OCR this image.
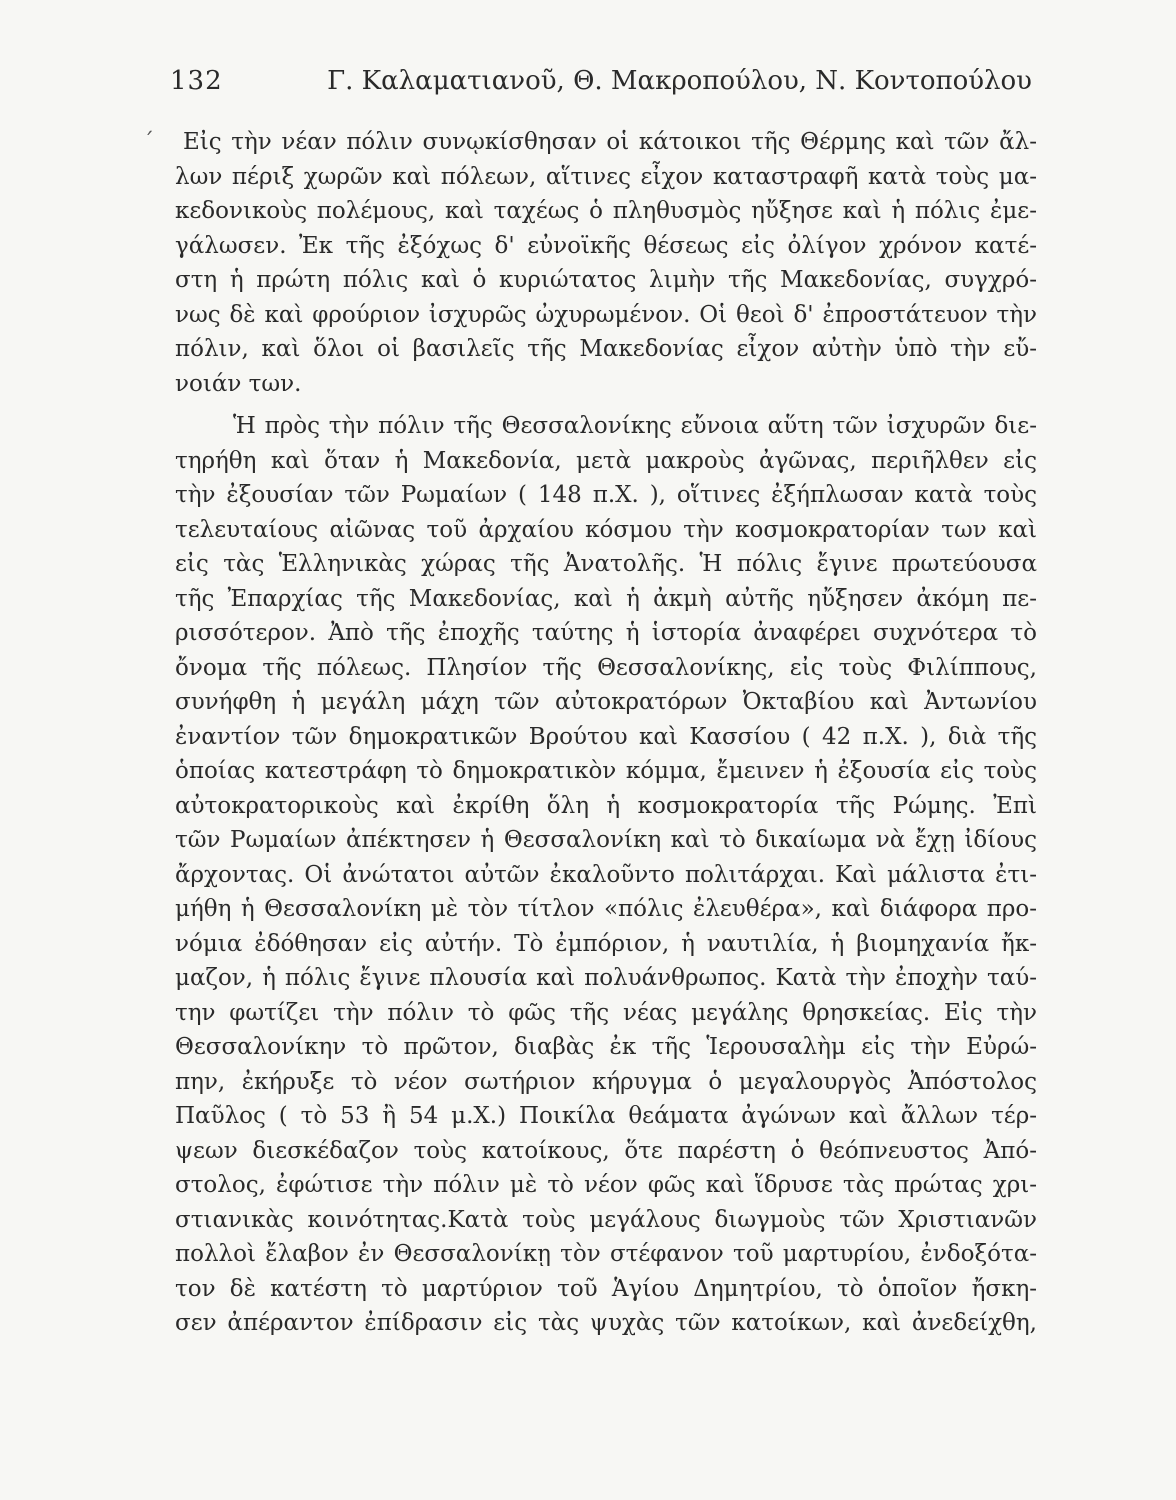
132	Γ. Καλαματιανοῦ, Θ. Μακροπούλου, Ν. Κοντοπούλου
´	Εἰς τὴν νέαν πόλιν συνῳκίσθησαν οἱ κάτοικοι τῆς Θέρμης καὶ τῶν ἄλ-
λων πέριξ χωρῶν καὶ πόλεων, αἵτινες εἶχον καταστραφῆ κατὰ τοὺς μα-
κεδονικοὺς πολέμους, καὶ ταχέως ὁ πληθυσμὸς ηὔξησε καὶ ἡ πόλις ἐμε-
γάλωσεν. Ἐκ τῆς ἐξόχως δ' εὐνοϊκῆς θέσεως εἰς ὀλίγον χρόνον κατέ-
στη ἡ πρώτη πόλις καὶ ὁ κυριώτατος λιμὴν τῆς Μακεδονίας, συγχρό-
νως δὲ καὶ φρούριον ἰσχυρῶς ὠχυρωμένον. Οἱ θεοὶ δ' ἐπροστάτευον τὴν
πόλιν, καὶ ὅλοι οἱ βασιλεῖς τῆς Μακεδονίας εἶχον αὐτὴν ὑπὸ τὴν εὔ-
νοιάν των.
Ἡ πρὸς τὴν πόλιν τῆς Θεσσαλονίκης εὔνοια αὕτη τῶν ἰσχυρῶν διε-
τηρήθη καὶ ὅταν ἡ Μακεδονία, μετὰ μακροὺς ἀγῶνας, περιῆλθεν εἰς
τὴν ἐξουσίαν τῶν Ρωμαίων ( 148 π.Χ. ), οἵτινες ἐξήπλωσαν κατὰ τοὺς
τελευταίους αἰῶνας τοῦ ἀρχαίου κόσμου τὴν κοσμοκρατορίαν των καὶ
εἰς τὰς Ἑλληνικὰς χώρας τῆς Ἀνατολῆς. Ἡ πόλις ἔγινε πρωτεύουσα
τῆς Ἐπαρχίας τῆς Μακεδονίας, καὶ ἡ ἀκμὴ αὐτῆς ηὔξησεν ἀκόμη πε-
ρισσότερον. Ἀπὸ τῆς ἐποχῆς ταύτης ἡ ἱστορία ἀναφέρει συχνότερα τὸ
ὄνομα τῆς πόλεως. Πλησίον τῆς Θεσσαλονίκης, εἰς τοὺς Φιλίππους,
συνήφθη ἡ μεγάλη μάχη τῶν αὐτοκρατόρων Ὀκταβίου καὶ Ἀντωνίου
ἐναντίον τῶν δημοκρατικῶν Βρούτου καὶ Κασσίου ( 42 π.Χ. ), διὰ τῆς
ὁποίας κατεστράφη τὸ δημοκρατικὸν κόμμα, ἔμεινεν ἡ ἐξουσία εἰς τοὺς
αὐτοκρατορικοὺς καὶ ἐκρίθη ὅλη ἡ κοσμοκρατορία τῆς Ρώμης. Ἐπὶ
τῶν Ρωμαίων ἀπέκτησεν ἡ Θεσσαλονίκη καὶ τὸ δικαίωμα νὰ ἔχῃ ἰδίους
ἄρχοντας. Οἱ ἀνώτατοι αὐτῶν ἐκαλοῦντο πολιτάρχαι. Καὶ μάλιστα ἐτι-
μήθη ἡ Θεσσαλονίκη μὲ τὸν τίτλον «πόλις ἐλευθέρα», καὶ διάφορα προ-
νόμια ἐδόθησαν εἰς αὐτήν. Τὸ ἐμπόριον, ἡ ναυτιλία, ἡ βιομηχανία ἤκ-
μαζον, ἡ πόλις ἔγινε πλουσία καὶ πολυάνθρωπος. Κατὰ τὴν ἐποχὴν ταύ-
την φωτίζει τὴν πόλιν τὸ φῶς τῆς νέας μεγάλης θρησκείας. Εἰς τὴν
Θεσσαλονίκην τὸ πρῶτον, διαβὰς ἐκ τῆς Ἱερουσαλὴμ εἰς τὴν Εὐρώ-
πην, ἐκήρυξε τὸ νέον σωτήριον κήρυγμα ὁ μεγαλουργὸς Ἀπόστολος
Παῦλος ( τὸ 53 ἢ 54 μ.Χ.) Ποικίλα θεάματα ἀγώνων καὶ ἄλλων τέρ-
ψεων διεσκέδαζον τοὺς κατοίκους, ὅτε παρέστη ὁ θεόπνευστος Ἀπό-
στολος, ἐφώτισε τὴν πόλιν μὲ τὸ νέον φῶς καὶ ἵδρυσε τὰς πρώτας χρι-
στιανικὰς κοινότητας.Κατὰ τοὺς μεγάλους διωγμοὺς τῶν Χριστιανῶν
πολλοὶ ἔλαβον ἐν Θεσσαλονίκῃ τὸν στέφανον τοῦ μαρτυρίου, ἐνδοξότα-
τον δὲ κατέστη τὸ μαρτύριον τοῦ Ἁγίου Δημητρίου, τὸ ὁποῖον ἤσκη-
σεν ἀπέραντον ἐπίδρασιν εἰς τὰς ψυχὰς τῶν κατοίκων, καὶ ἀνεδείχθη,
